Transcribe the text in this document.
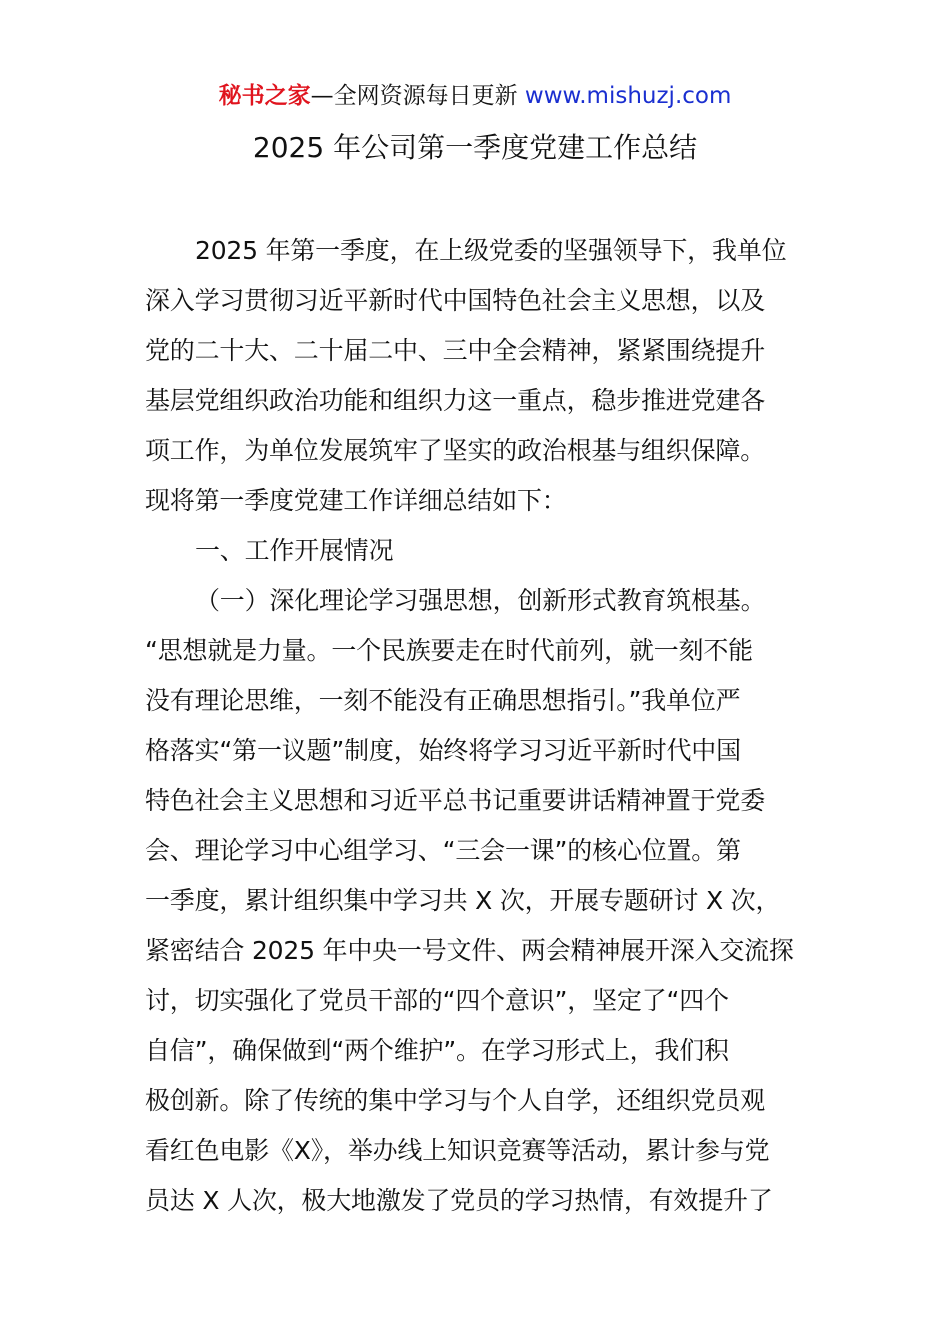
秘书之家—全网资源每日更新 www.mishuzj.com
2025 年公司第一季度党建工作总结
2025 年第一季度，在上级党委的坚强领导下，我单位
深入学习贯彻习近平新时代中国特色社会主义思想，以及
党的二十大、二十届二中、三中全会精神，紧紧围绕提升
基层党组织政治功能和组织力这一重点，稳步推进党建各
项工作，为单位发展筑牢了坚实的政治根基与组织保障。
现将第一季度党建工作详细总结如下：
一、工作开展情况
（一）深化理论学习强思想，创新形式教育筑根基。
“思想就是力量。一个民族要走在时代前列，就一刻不能
没有理论思维，一刻不能没有正确思想指引。”我单位严
格落实“第一议题”制度，始终将学习习近平新时代中国
特色社会主义思想和习近平总书记重要讲话精神置于党委
会、理论学习中心组学习、“三会一课”的核心位置。第
一季度，累计组织集中学习共 X 次，开展专题研讨 X 次，
紧密结合 2025 年中央一号文件、两会精神展开深入交流探
讨，切实强化了党员干部的“四个意识”，坚定了“四个
自信”，确保做到“两个维护”。在学习形式上，我们积
极创新。除了传统的集中学习与个人自学，还组织党员观
看红色电影《X》，举办线上知识竞赛等活动，累计参与党
员达 X 人次，极大地激发了党员的学习热情，有效提升了
